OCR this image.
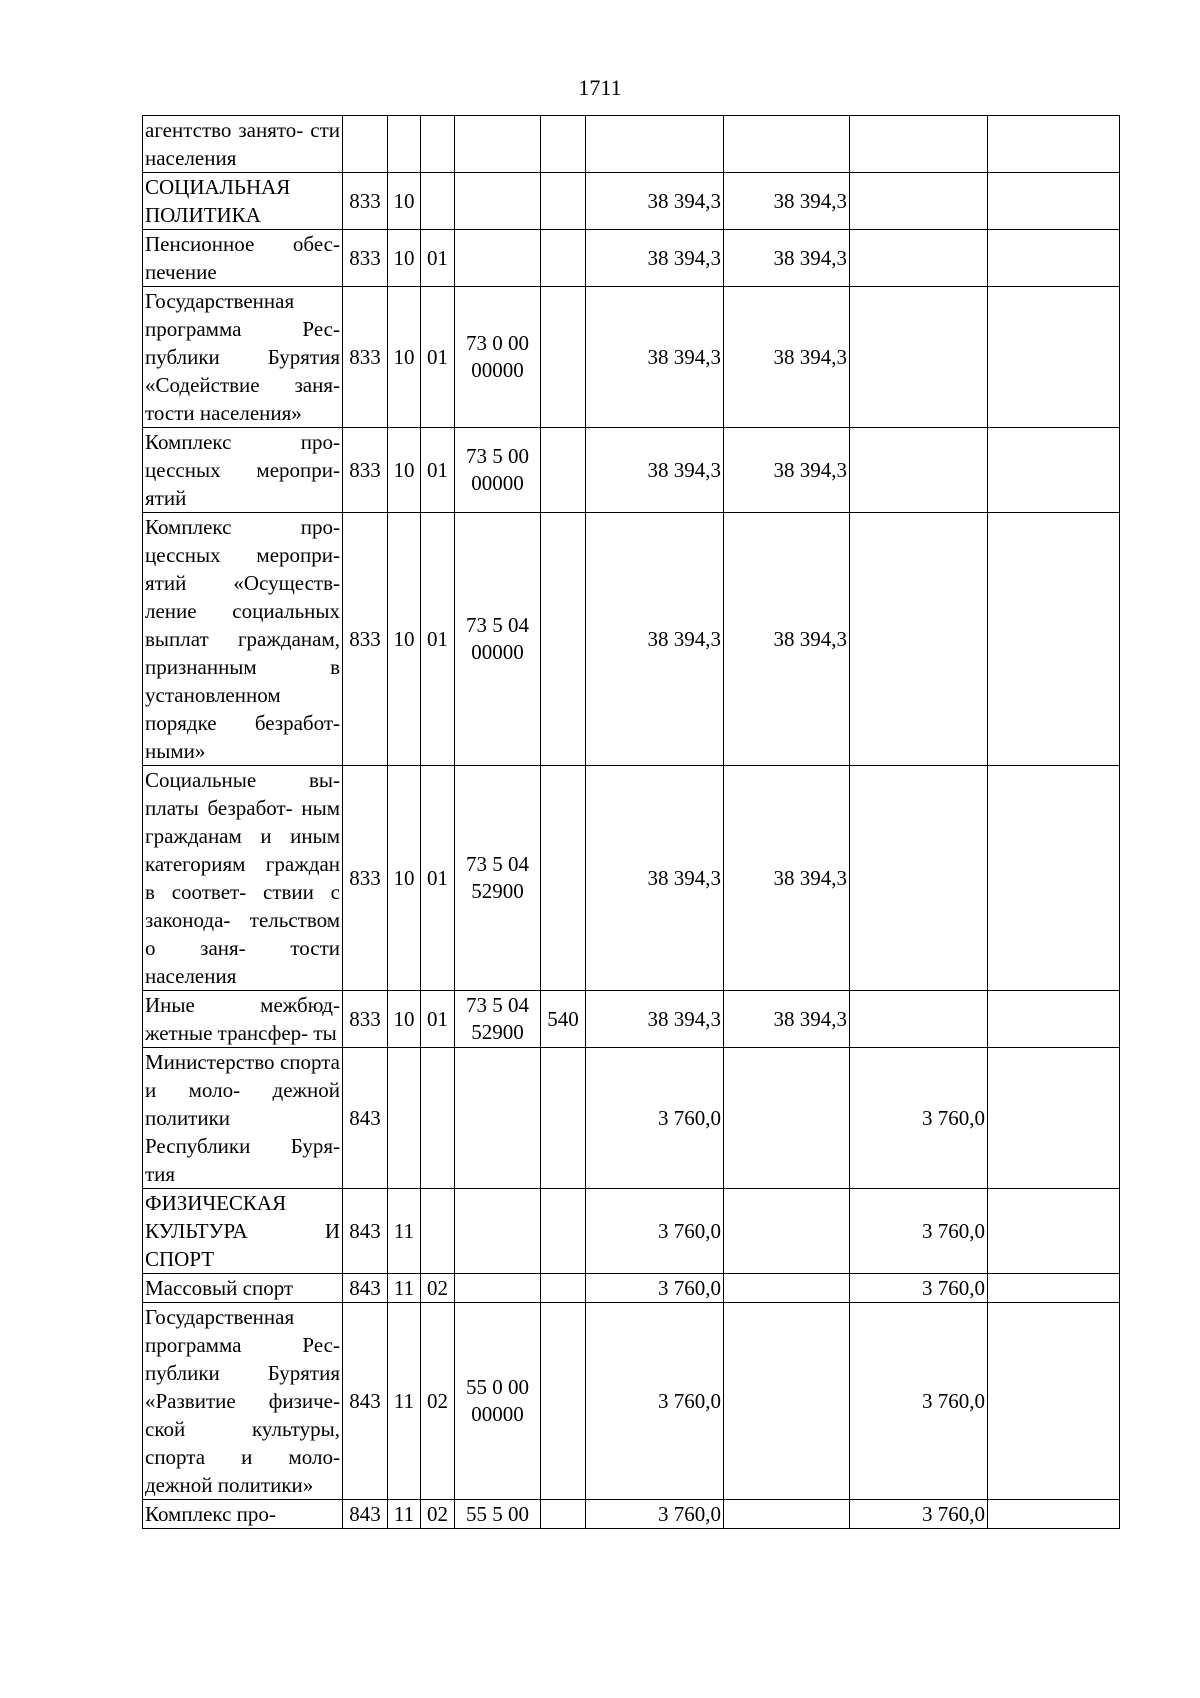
1711
агентство занято- сти населения									
СОЦИАЛЬНАЯ ПОЛИТИКА	833	10				38 394,3	38 394,3		
Пенсионное обес- печение	833	10	01			38 394,3	38 394,3		
Государственная программа Рес- публики Бурятия «Содействие заня- тости населения»	833	10	01	73 0 00 00000		38 394,3	38 394,3		
Комплекс про- цессных меропри- ятий	833	10	01	73 5 00 00000		38 394,3	38 394,3		
Комплекс про- цессных меропри- ятий «Осуществ- ление социальных выплат гражданам, признанным в установленном порядке безработ- ными»	833	10	01	73 5 04 00000		38 394,3	38 394,3		
Социальные вы- платы безработ- ным гражданам и иным категориям граждан в соответ- ствии с законода- тельством о заня- тости населения	833	10	01	73 5 04 52900		38 394,3	38 394,3		
Иные межбюд- жетные трансфер- ты	833	10	01	73 5 04 52900	540	38 394,3	38 394,3		
Министерство спорта и моло- дежной политики Республики Буря- тия	843					3 760,0		3 760,0	
ФИЗИЧЕСКАЯ КУЛЬТУРА И СПОРТ	843	11				3 760,0		3 760,0	
Массовый спорт	843	11	02			3 760,0		3 760,0	
Государственная программа Рес- публики Бурятия «Развитие физиче- ской культуры, спорта и моло- дежной политики»	843	11	02	55 0 00 00000		3 760,0		3 760,0	
Комплекс про-	843	11	02	55 5 00		3 760,0		3 760,0	
